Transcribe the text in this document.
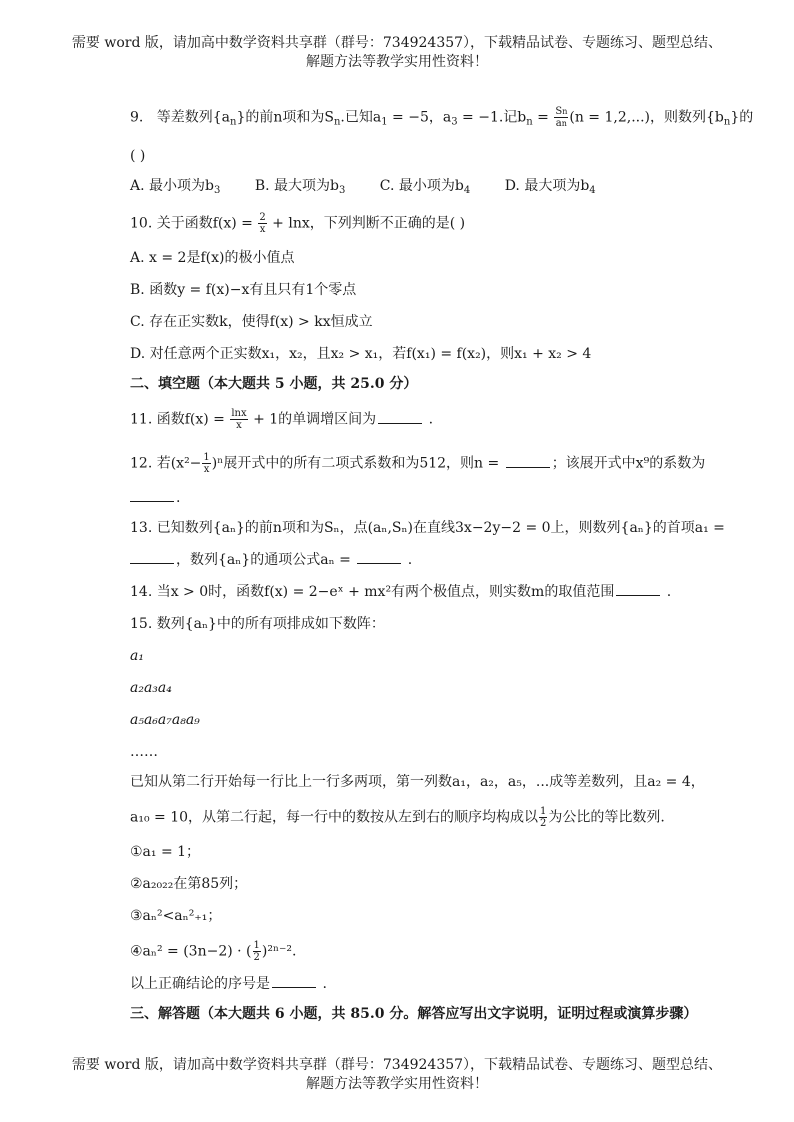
需要 word 版，请加高中数学资料共享群（群号：734924357），下载精品试卷、专题练习、题型总结、
解题方法等教学实用性资料！
9. 等差数列$\{a_n\}$的前n项和为$S_n$.已知$a_1 = -5$，$a_3 = -1$.记$b_n = \frac{Sn}{an} (n = 1,2,...)$，则数列$\{b_n\}$的
( )
A. 最小项为$b_3$ B. 最大项为$b_3$ C. 最小项为$b_4$ D. 最大项为$b_4$
10. 关于函数$f(x) = \frac{2}{x} + \ln x$，下列判断不正确的是( )
A. x = 2是f(x)的极小值点
B. 函数y = f(x)−x有且只有1个零点
C. 存在正实数k，使得f(x) > kx恒成立
D. 对任意两个正实数x₁，x₂，且x₂ > x₁，若f(x₁) = f(x₂)，则x₁ + x₂ > 4
二、填空题（本大题共 5 小题，共 25.0 分）
11. 函数$f(x) = \frac{\ln x}{x} + 1$的单调增区间为	.
12. 若$(x^2- \frac{1}{x} )^n$展开式中的所有二项式系数和为512，则n =	；该展开式中x⁹的系数为
.
13. 已知数列{aₙ}的前n项和为Sₙ，点(aₙ,Sₙ)在直线3x−2y−2 = 0上，则数列{aₙ}的首项a₁ =
，数列{aₙ}的通项公式aₙ =	.
14. 当x > 0时，函数f(x) = 2−eˣ + mx²有两个极值点，则实数m的取值范围	.
15. 数列{aₙ}中的所有项排成如下数阵：
a₁
a₂a₃a₄
a₅a₆a₇a₈a₉
……
已知从第二行开始每一行比上一行多两项，第一列数a₁，a₂，a₅，...成等差数列，且a₂ = 4，
a₁₀ = 10，从第二行起，每一行中的数按从左到右的顺序均构成以 $\frac{1}{2}$ 为公比的等比数列.
①a₁ = 1；
②a₂₀₂₂在第85列；
③aₙ²<aₙ²₊₁；
④aₙ² = (3n−2) · ( $\frac{1}{2} )^{2n-2}$.
以上正确结论的序号是	.
三、解答题（本大题共 6 小题，共 85.0 分。解答应写出文字说明，证明过程或演算步骤）
需要 word 版，请加高中数学资料共享群（群号：734924357），下载精品试卷、专题练习、题型总结、
解题方法等教学实用性资料！
